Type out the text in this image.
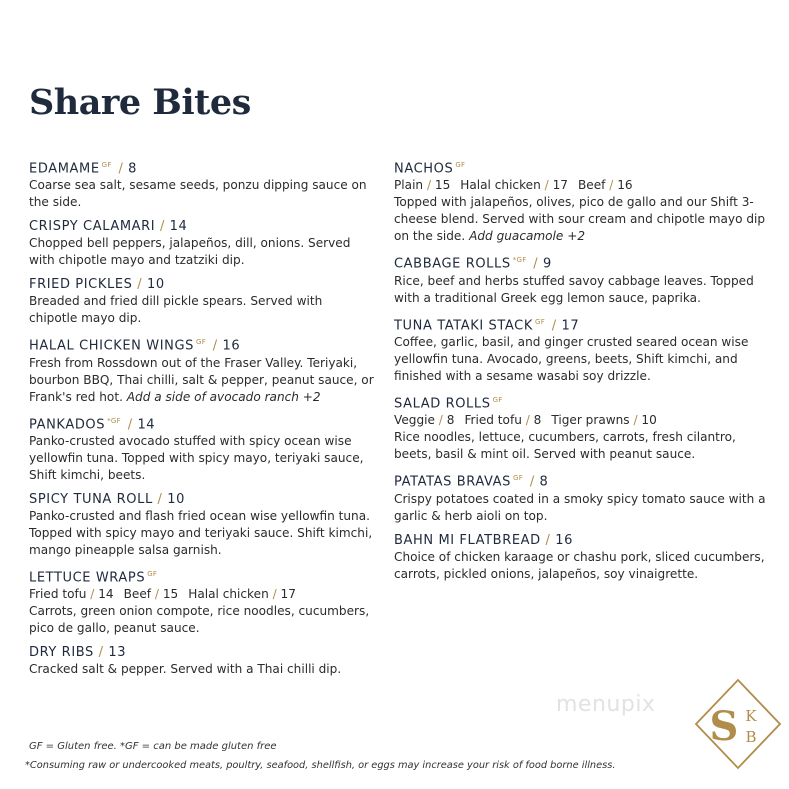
Share Bites
EDAMAME $^{GF}$ / 8
Coarse sea salt, sesame seeds, ponzu dipping sauce on the side.
CRISPY CALAMARI / 14
Chopped bell peppers, jalapeños, dill, onions. Served with chipotle mayo and tzatziki dip.
FRIED PICKLES / 10
Breaded and fried dill pickle spears. Served with chipotle mayo dip.
HALAL CHICKEN WINGS $^{GF}$ / 16
Fresh from Rossdown out of the Fraser Valley. Teriyaki, bourbon BBQ, Thai chilli, salt & pepper, peanut sauce, or Frank's red hot. Add a side of avocado ranch +2
PANKADOS $^{*GF}$ / 14
Panko-crusted avocado stuffed with spicy ocean wise yellowfin tuna. Topped with spicy mayo, teriyaki sauce, Shift kimchi, beets.
SPICY TUNA ROLL / 10
Panko-crusted and flash fried ocean wise yellowfin tuna. Topped with spicy mayo and teriyaki sauce. Shift kimchi, mango pineapple salsa garnish.
LETTUCE WRAPS $^{GF}$
Fried tofu / 14 Beef / 15 Halal chicken / 17
Carrots, green onion compote, rice noodles, cucumbers, pico de gallo, peanut sauce.
DRY RIBS / 13
Cracked salt & pepper. Served with a Thai chilli dip.
NACHOS $^{GF}$
Plain / 15 Halal chicken / 17 Beef / 16
Topped with jalapeños, olives, pico de gallo and our Shift 3-cheese blend. Served with sour cream and chipotle mayo dip on the side. Add guacamole +2
CABBAGE ROLLS $^{*GF}$ / 9
Rice, beef and herbs stuffed savoy cabbage leaves. Topped with a traditional Greek egg lemon sauce, paprika.
TUNA TATAKI STACK $^{GF}$ / 17
Coffee, garlic, basil, and ginger crusted seared ocean wise yellowfin tuna. Avocado, greens, beets, Shift kimchi, and finished with a sesame wasabi soy drizzle.
SALAD ROLLS $^{GF}$
Veggie / 8 Fried tofu / 8 Tiger prawns / 10
Rice noodles, lettuce, cucumbers, carrots, fresh cilantro, beets, basil & mint oil. Served with peanut sauce.
PATATAS BRAVAS $^{GF}$ / 8
Crispy potatoes coated in a smoky spicy tomato sauce with a garlic & herb aioli on top.
BAHN MI FLATBREAD / 16
Choice of chicken karaage or chashu pork, sliced cucumbers, carrots, pickled onions, jalapeños, soy vinaigrette.
GF = Gluten free. *GF = can be made gluten free
*Consuming raw or undercooked meats, poultry, seafood, shellfish, or eggs may increase your risk of food borne illness.
menupix S K
B
